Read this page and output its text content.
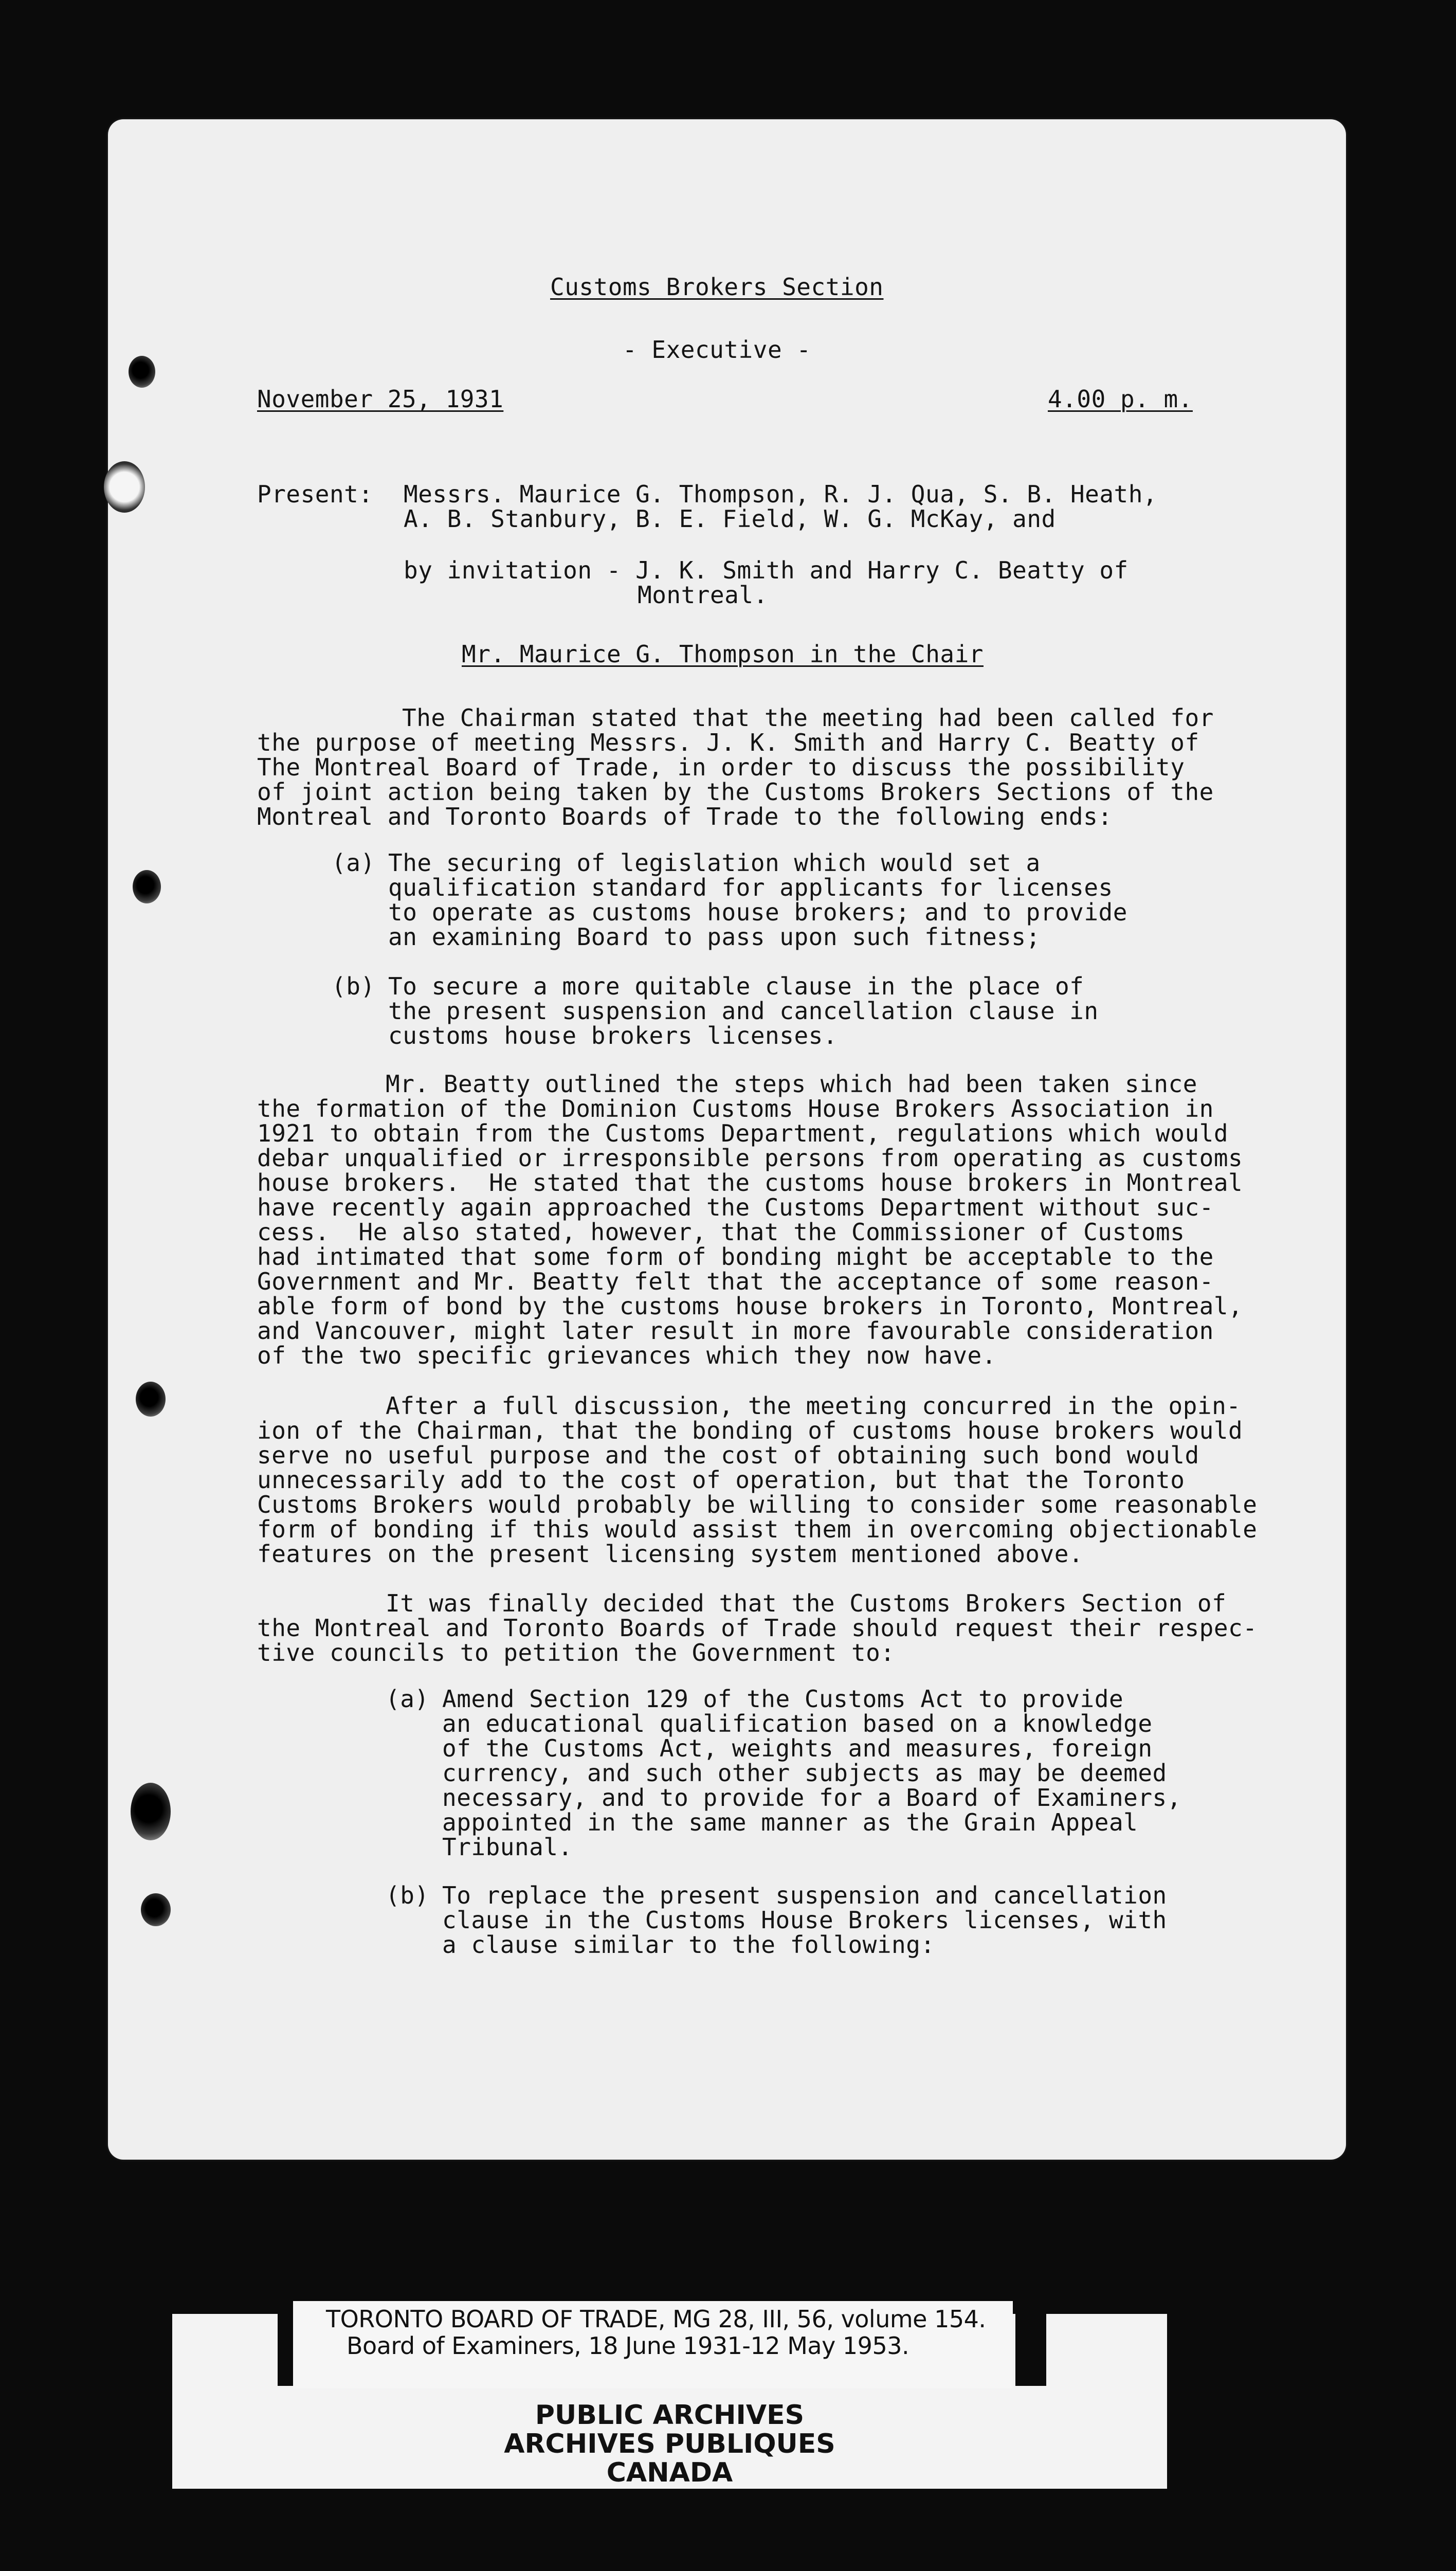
Customs Brokers Section
- Executive -
November 25, 1931	4.00 p. m.
Present: Messrs. Maurice G. Thompson, R. J. Qua, S. B. Heath,
A. B. Stanbury, B. E. Field, W. G. McKay, and
by invitation - J. K. Smith and Harry C. Beatty of
Montreal.
Mr. Maurice G. Thompson in the Chair
The Chairman stated that the meeting had been called for
the purpose of meeting Messrs. J. K. Smith and Harry C. Beatty of
The Montreal Board of Trade, in order to discuss the possibility
of joint action being taken by the Customs Brokers Sections of the
Montreal and Toronto Boards of Trade to the following ends:
(a) The securing of legislation which would set a
qualification standard for applicants for licenses
to operate as customs house brokers; and to provide
an examining Board to pass upon such fitness;
(b) To secure a more quitable clause in the place of
the present suspension and cancellation clause in
customs house brokers licenses.
Mr. Beatty outlined the steps which had been taken since
the formation of the Dominion Customs House Brokers Association in
1921 to obtain from the Customs Department, regulations which would
debar unqualified or irresponsible persons from operating as customs
house brokers.  He stated that the customs house brokers in Montreal
have recently again approached the Customs Department without suc-
cess.  He also stated, however, that the Commissioner of Customs
had intimated that some form of bonding might be acceptable to the
Government and Mr. Beatty felt that the acceptance of some reason-
able form of bond by the customs house brokers in Toronto, Montreal,
and Vancouver, might later result in more favourable consideration
of the two specific grievances which they now have.
After a full discussion, the meeting concurred in the opin-
ion of the Chairman, that the bonding of customs house brokers would
serve no useful purpose and the cost of obtaining such bond would
unnecessarily add to the cost of operation, but that the Toronto
Customs Brokers would probably be willing to consider some reasonable
form of bonding if this would assist them in overcoming objectionable
features on the present licensing system mentioned above.
It was finally decided that the Customs Brokers Section of
the Montreal and Toronto Boards of Trade should request their respec-
tive councils to petition the Government to:
(a) Amend Section 129 of the Customs Act to provide
an educational qualification based on a knowledge
of the Customs Act, weights and measures, foreign
currency, and such other subjects as may be deemed
necessary, and to provide for a Board of Examiners,
appointed in the same manner as the Grain Appeal
Tribunal.
(b) To replace the present suspension and cancellation
clause in the Customs House Brokers licenses, with
a clause similar to the following:
PUBLIC ARCHIVES
ARCHIVES PUBLIQUES
CANADA
TORONTO BOARD OF TRADE, MG 28, III, 56, volume 154.
Board of Examiners, 18 June 1931-12 May 1953.
